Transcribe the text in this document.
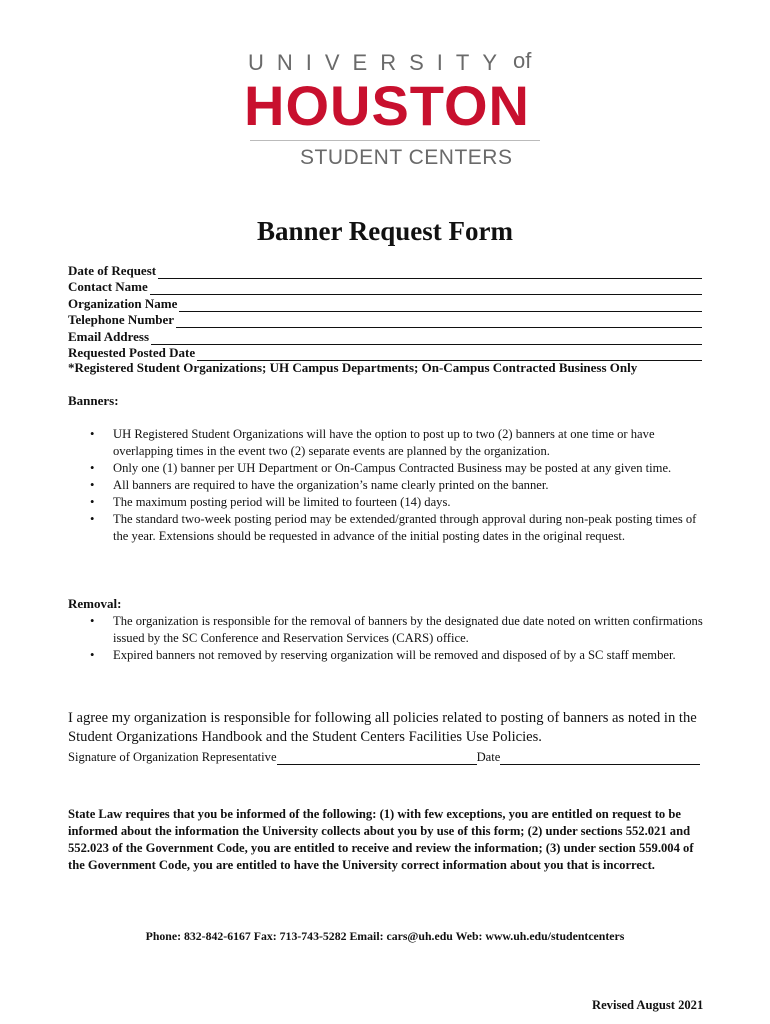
UNIVERSITY of
HOUSTON
STUDENT CENTERS
Banner Request Form
Date of Request
Contact Name
Organization Name
Telephone Number
Email Address
Requested Posted Date
*Registered Student Organizations; UH Campus Departments; On-Campus Contracted Business Only
Banners:
• UH Registered Student Organizations will have the option to post up to two (2) banners at one time or have overlapping times in the event two (2) separate events are planned by the organization.
• Only one (1) banner per UH Department or On-Campus Contracted Business may be posted at any given time.
• All banners are required to have the organization’s name clearly printed on the banner.
• The maximum posting period will be limited to fourteen (14) days.
• The standard two-week posting period may be extended/granted through approval during non-peak posting times of the year. Extensions should be requested in advance of the initial posting dates in the original request.
Removal:
• The organization is responsible for the removal of banners by the designated due date noted on written confirmations issued by the SC Conference and Reservation Services (CARS) office.
• Expired banners not removed by reserving organization will be removed and disposed of by a SC staff member.
I agree my organization is responsible for following all policies related to posting of banners as noted in the Student Organizations Handbook and the Student Centers Facilities Use Policies.
Signature of Organization Representative	Date
State Law requires that you be informed of the following: (1) with few exceptions, you are entitled on request to be informed about the information the University collects about you by use of this form; (2) under sections 552.021 and 552.023 of the Government Code, you are entitled to receive and review the information; (3) under section 559.004 of the Government Code, you are entitled to have the University correct information about you that is incorrect.
Phone: 832-842-6167 Fax: 713-743-5282 Email: cars@uh.edu Web: www.uh.edu/studentcenters
Revised August 2021
